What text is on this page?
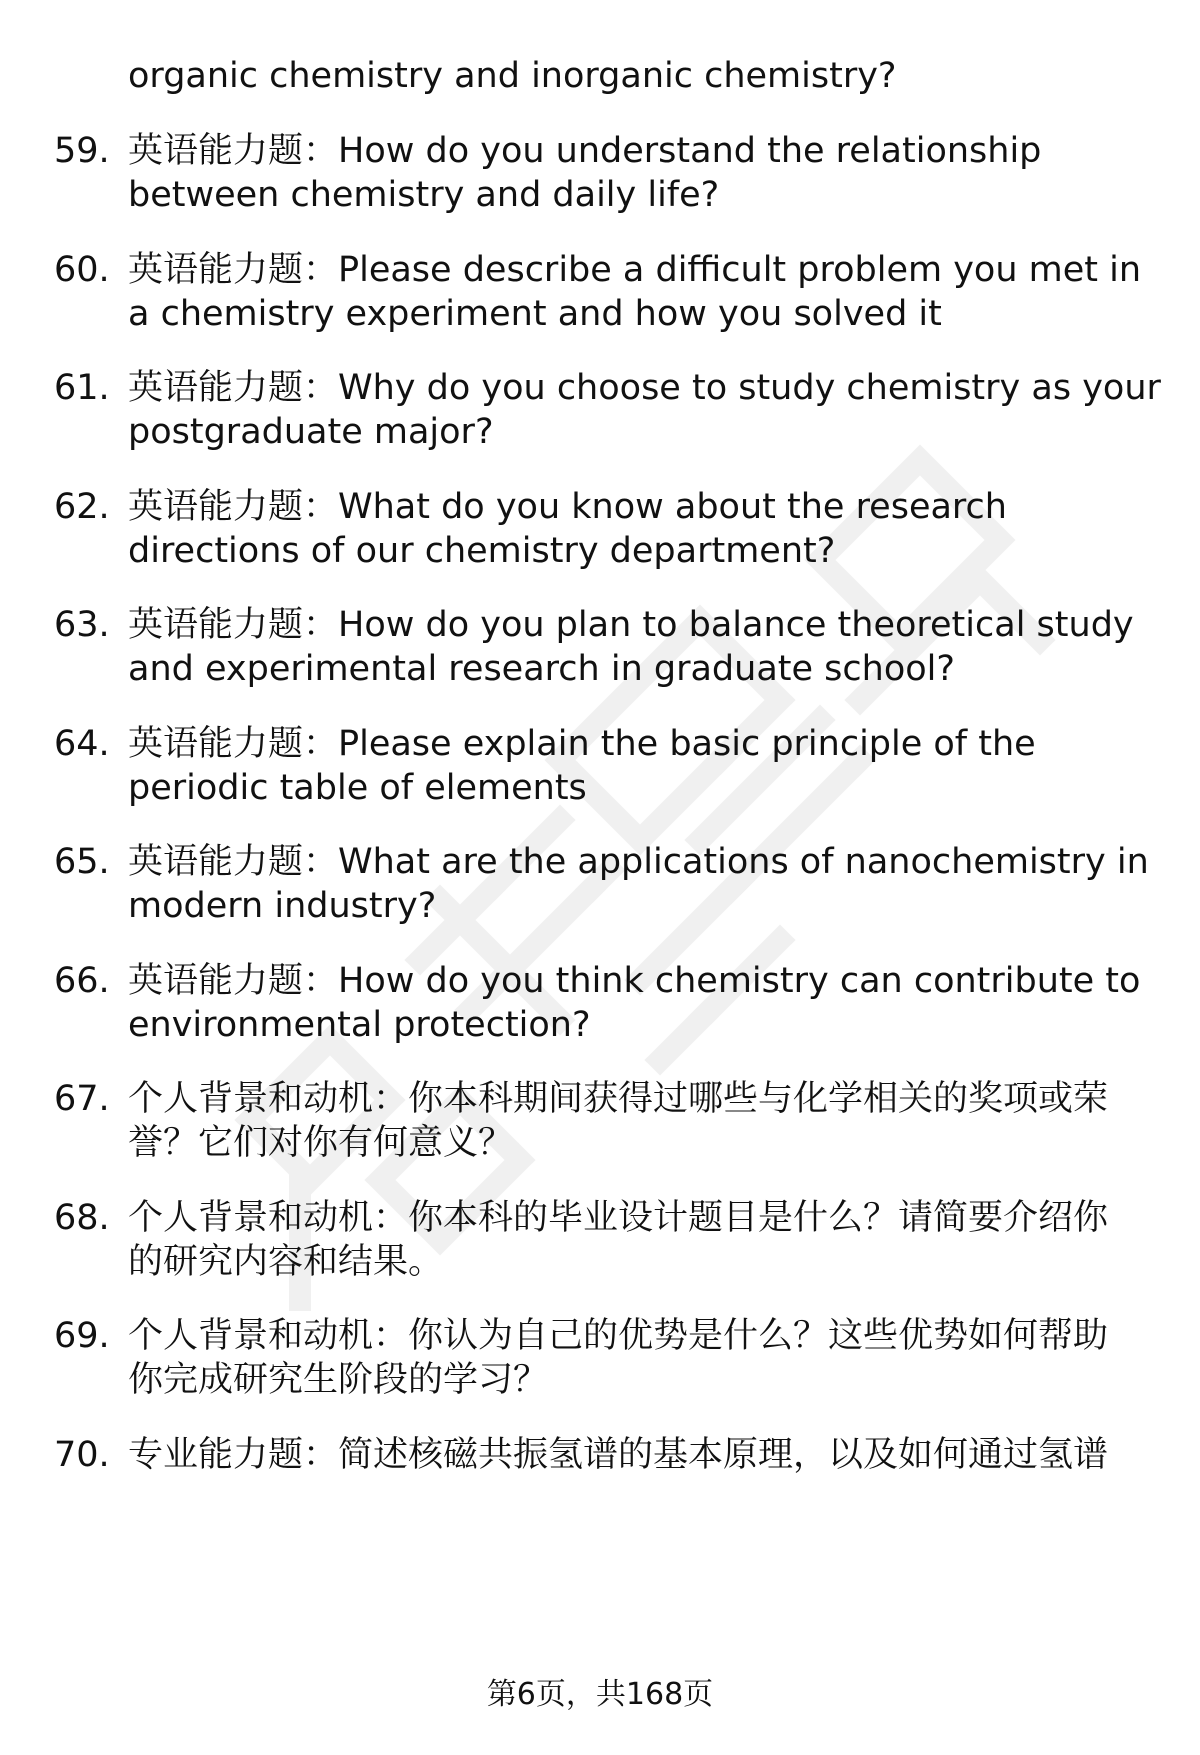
organic chemistry and inorganic chemistry?
59. 英语能力题：How do you understand the relationship
between chemistry and daily life?
60. 英语能力题：Please describe a difficult problem you met in
a chemistry experiment and how you solved it
61. 英语能力题：Why do you choose to study chemistry as your
postgraduate major?
62. 英语能力题：What do you know about the research
directions of our chemistry department?
63. 英语能力题：How do you plan to balance theoretical study
and experimental research in graduate school?
64. 英语能力题：Please explain the basic principle of the
periodic table of elements
65. 英语能力题：What are the applications of nanochemistry in
modern industry?
66. 英语能力题：How do you think chemistry can contribute to
environmental protection?
67. 个人背景和动机：你本科期间获得过哪些与化学相关的奖项或荣
誉？它们对你有何意义？
68. 个人背景和动机：你本科的毕业设计题目是什么？请简要介绍你
的研究内容和结果。
69. 个人背景和动机：你认为自己的优势是什么？这些优势如何帮助
你完成研究生阶段的学习？
70. 专业能力题：简述核磁共振氢谱的基本原理，以及如何通过氢谱
第6页，共168页
